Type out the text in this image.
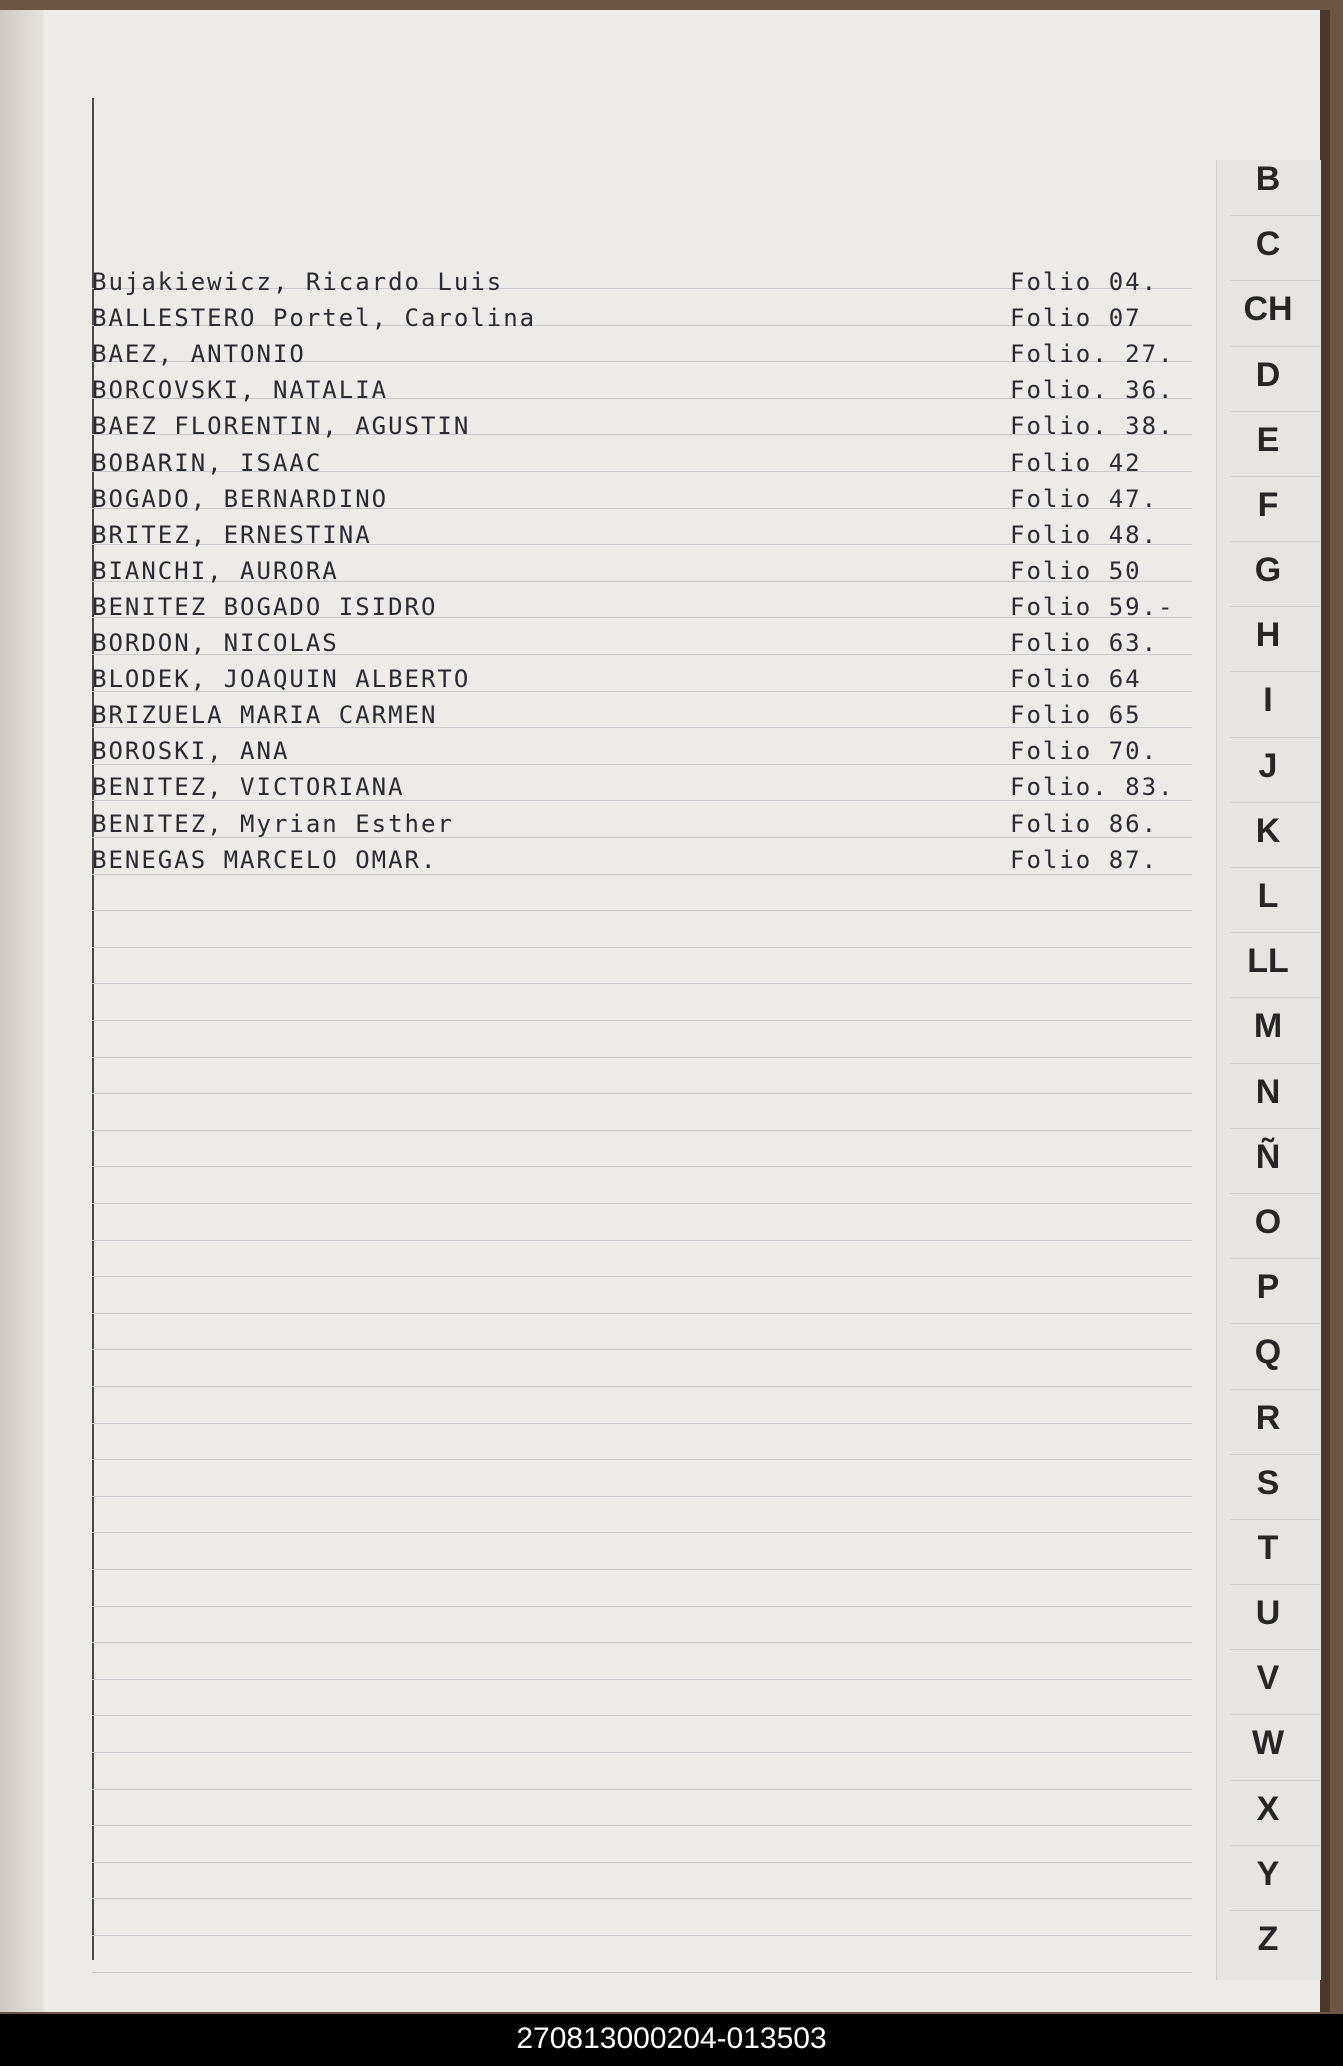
Bujakiewicz, Ricardo Luis	Folio 04.
BALLESTERO Portel, Carolina	Folio 07
BAEZ, ANTONIO	Folio. 27.
BORCOVSKI, NATALIA	Folio. 36.
BAEZ FLORENTIN, AGUSTIN	Folio. 38.
BOBARIN, ISAAC	Folio 42
BOGADO, BERNARDINO	Folio 47.
BRITEZ, ERNESTINA	Folio 48.
BIANCHI, AURORA	Folio 50
BENITEZ BOGADO ISIDRO	Folio 59.-
BORDON, NICOLAS	Folio 63.
BLODEK, JOAQUIN ALBERTO	Folio 64
BRIZUELA MARIA CARMEN	Folio 65
BOROSKI, ANA	Folio 70.
BENITEZ, VICTORIANA	Folio. 83.
BENITEZ, Myrian Esther	Folio 86.
BENEGAS MARCELO OMAR.	Folio 87.
B
C
CH
D
E
F
G
H
I
J
K
L
LL
M
N
Ñ
O
P
Q
R
S
T
U
V
W
X
Y
Z
270813000204-013503
